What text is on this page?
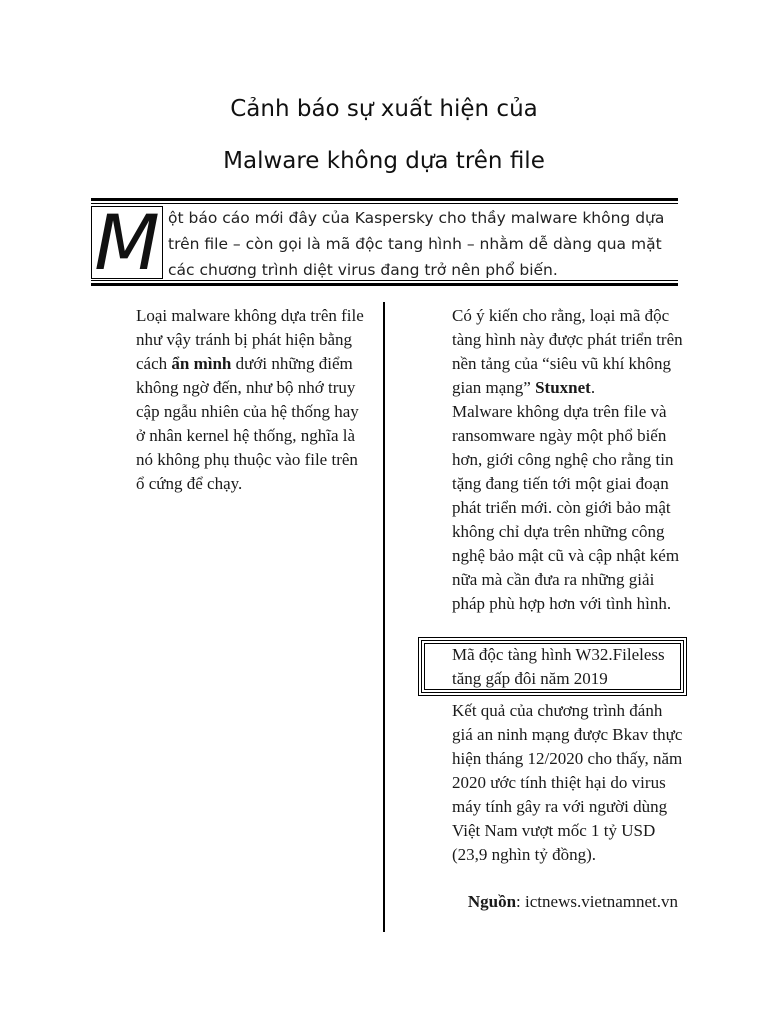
Cảnh báo sự xuất hiện của
Malware không dựa trên file
M ột báo cáo mới đây của Kaspersky cho thầy malware không dựa trên file – còn gọi là mã độc tang hình – nhằm dễ dàng qua mặt các chương trình diệt virus đang trở nên phổ biến.

Loại malware không dựa trên file như vậy tránh bị phát hiện bằng cách ẩn mình dưới những điểm không ngờ đến, như bộ nhớ truy cập ngẫu nhiên của hệ thống hay ở nhân kernel hệ thống, nghĩa là nó không phụ thuộc vào file trên ổ cứng để chạy.

Có ý kiến cho rằng, loại mã độc tàng hình này được phát triển trên nền tảng của “siêu vũ khí không gian mạng” Stuxnet.

Malware không dựa trên file và ransomware ngày một phổ biến hơn, giới công nghệ cho rằng tin tặng đang tiến tới một giai đoạn phát triển mới. còn giới bảo mật không chỉ dựa trên những công nghệ bảo mật cũ và cập nhật kém nữa mà cần đưa ra những giải pháp phù hợp hơn với tình hình.

Mã độc tàng hình W32.Fileless tăng gấp đôi năm 2019

Kết quả của chương trình đánh giá an ninh mạng được Bkav thực hiện tháng 12/2020 cho thấy, năm 2020 ước tính thiệt hại do virus máy tính gây ra với người dùng Việt Nam vượt mốc 1 tỷ USD (23,9 nghìn tỷ đồng).

Nguồn: ictnews.vietnamnet.vn
